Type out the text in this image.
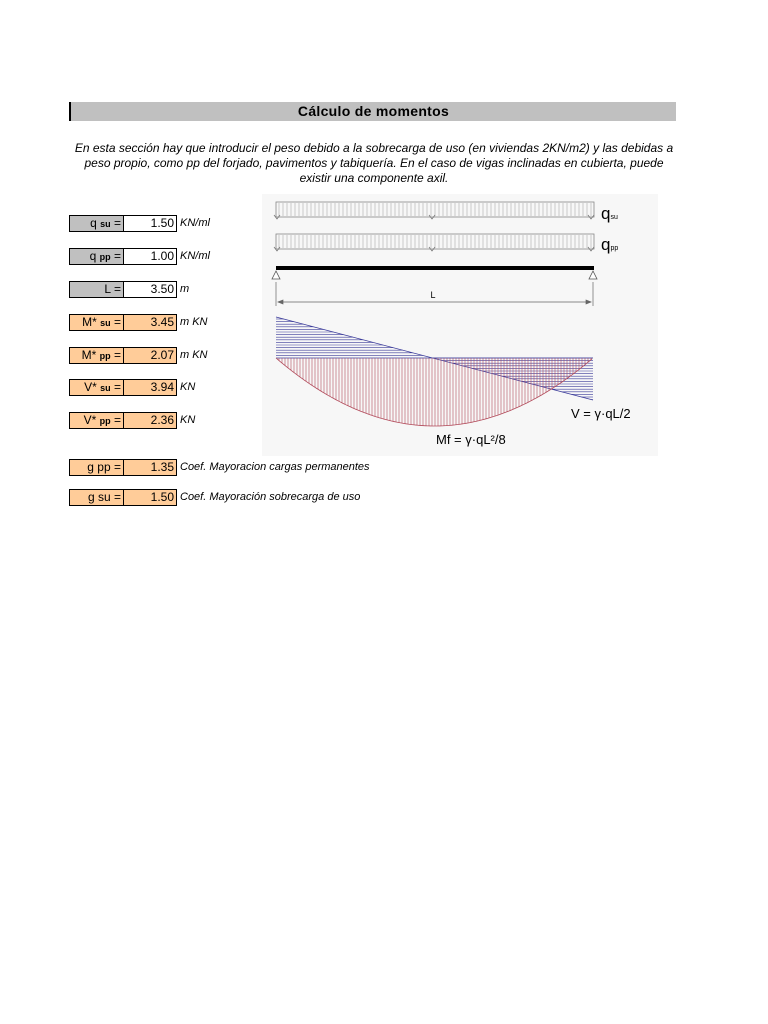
Cálculo de momentos
En esta sección hay que introducir el peso debido a la sobrecarga de uso (en viviendas 2KN/m2) y las debidas a peso propio, como pp del forjado, pavimentos y tabiquería. En el caso de vigas inclinadas en cubierta, puede existir una componente axil.
q su =	1.50 KN/ml
q pp =	1.00 KN/ml
L =	3.50 m
M* su =	3.45 m KN
M* pp =	2.07 m KN
V* su =	3.94 KN
V* pp =	2.36 KN
g pp =	1.35 Coef. Mayoracion cargas permanentes
g su =	1.50 Coef. Mayoración sobrecarga de uso
qsu
qpp
L
V = γ·qL/2
Mf = γ·qL²/8
